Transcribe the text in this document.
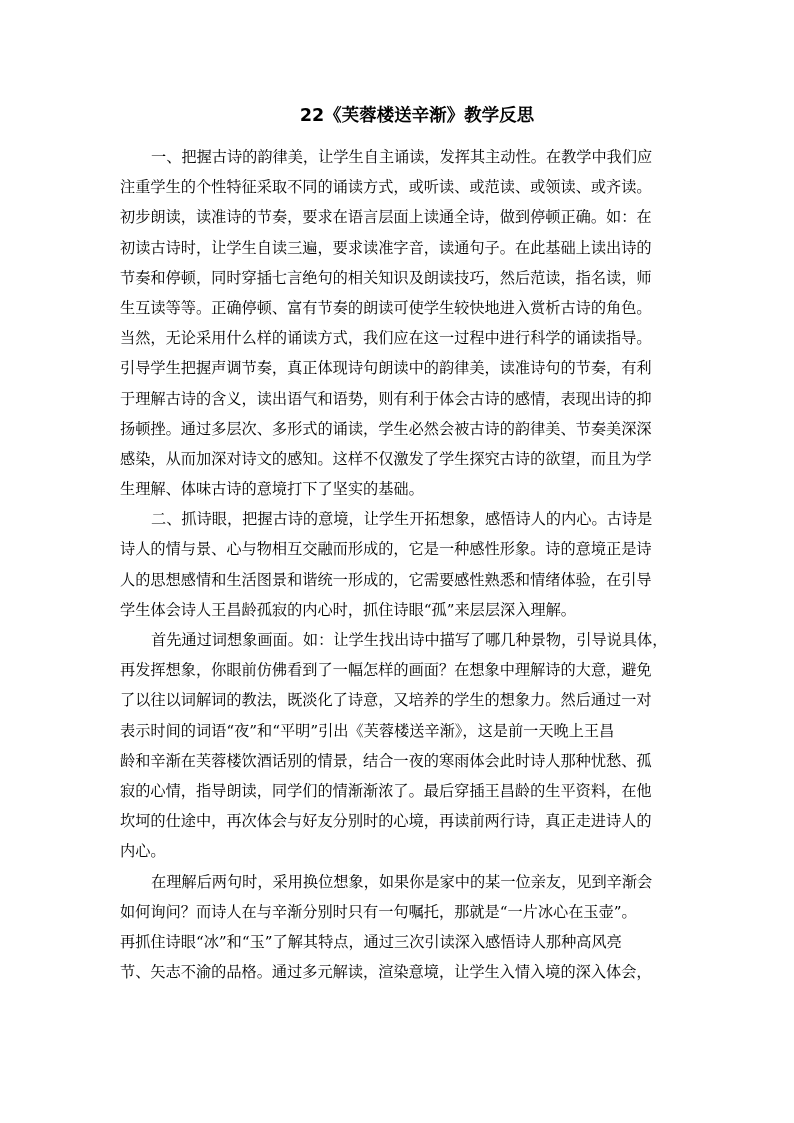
22《芙蓉楼送辛渐》教学反思
一、把握古诗的韵律美，让学生自主诵读，发挥其主动性。在教学中我们应
注重学生的个性特征采取不同的诵读方式，或听读、或范读、或领读、或齐读。
初步朗读，读准诗的节奏，要求在语言层面上读通全诗，做到停顿正确。如：在
初读古诗时，让学生自读三遍，要求读准字音，读通句子。在此基础上读出诗的
节奏和停顿，同时穿插七言绝句的相关知识及朗读技巧，然后范读，指名读，师
生互读等等。正确停顿、富有节奏的朗读可使学生较快地进入赏析古诗的角色。
当然，无论采用什么样的诵读方式，我们应在这一过程中进行科学的诵读指导。
引导学生把握声调节奏，真正体现诗句朗读中的韵律美，读准诗句的节奏，有利
于理解古诗的含义，读出语气和语势，则有利于体会古诗的感情，表现出诗的抑
扬顿挫。通过多层次、多形式的诵读，学生必然会被古诗的韵律美、节奏美深深
感染，从而加深对诗文的感知。这样不仅激发了学生探究古诗的欲望，而且为学
生理解、体味古诗的意境打下了坚实的基础。
二、抓诗眼，把握古诗的意境，让学生开拓想象，感悟诗人的内心。古诗是
诗人的情与景、心与物相互交融而形成的，它是一种感性形象。诗的意境正是诗
人的思想感情和生活图景和谐统一形成的，它需要感性熟悉和情绪体验，在引导
学生体会诗人王昌龄孤寂的内心时，抓住诗眼“孤”来层层深入理解。
首先通过词想象画面。如：让学生找出诗中描写了哪几种景物，引导说具体，
再发挥想象，你眼前仿佛看到了一幅怎样的画面？在想象中理解诗的大意，避免
了以往以词解词的教法，既淡化了诗意，又培养的学生的想象力。然后通过一对
表示时间的词语“夜”和“平明”引出《芙蓉楼送辛渐》，这是前一天晚上王昌
龄和辛渐在芙蓉楼饮酒话别的情景，结合一夜的寒雨体会此时诗人那种忧愁、孤
寂的心情，指导朗读，同学们的情渐渐浓了。最后穿插王昌龄的生平资料，在他
坎坷的仕途中，再次体会与好友分别时的心境，再读前两行诗，真正走进诗人的
内心。
在理解后两句时，采用换位想象，如果你是家中的某一位亲友，见到辛渐会
如何询问？而诗人在与辛渐分别时只有一句嘱托，那就是“一片冰心在玉壶”。
再抓住诗眼“冰”和“玉”了解其特点，通过三次引读深入感悟诗人那种高风亮
节、矢志不渝的品格。通过多元解读，渲染意境，让学生入情入境的深入体会，
